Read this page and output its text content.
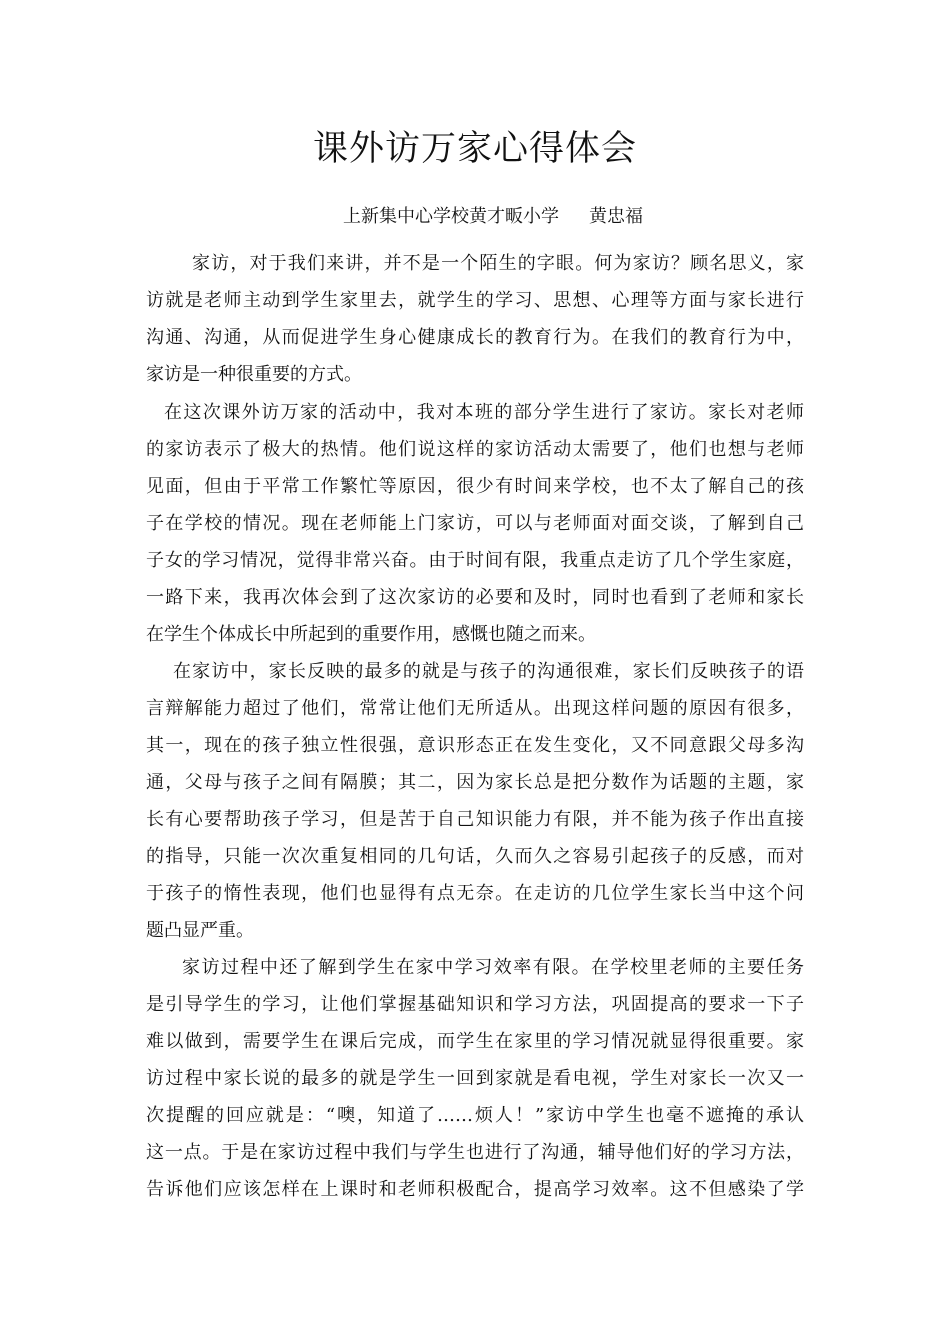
课外访万家心得体会

上新集中心学校黄才畈小学 黄忠福

家访，对于我们来讲，并不是一个陌生的字眼。何为家访？顾名思义，家

访就是老师主动到学生家里去，就学生的学习、思想、心理等方面与家长进行

沟通、沟通，从而促进学生身心健康成长的教育行为。在我们的教育行为中，

家访是一种很重要的方式。

在这次课外访万家的活动中，我对本班的部分学生进行了家访。家长对老师

的家访表示了极大的热情。他们说这样的家访活动太需要了，他们也想与老师

见面，但由于平常工作繁忙等原因，很少有时间来学校，也不太了解自己的孩

子在学校的情况。现在老师能上门家访，可以与老师面对面交谈，了解到自己

子女的学习情况，觉得非常兴奋。由于时间有限，我重点走访了几个学生家庭，

一路下来，我再次体会到了这次家访的必要和及时，同时也看到了老师和家长

在学生个体成长中所起到的重要作用，感慨也随之而来。

在家访中，家长反映的最多的就是与孩子的沟通很难，家长们反映孩子的语

言辩解能力超过了他们，常常让他们无所适从。出现这样问题的原因有很多，

其一，现在的孩子独立性很强，意识形态正在发生变化，又不同意跟父母多沟

通，父母与孩子之间有隔膜；其二，因为家长总是把分数作为话题的主题，家

长有心要帮助孩子学习，但是苦于自己知识能力有限，并不能为孩子作出直接

的指导，只能一次次重复相同的几句话，久而久之容易引起孩子的反感，而对

于孩子的惰性表现，他们也显得有点无奈。在走访的几位学生家长当中这个问

题凸显严重。

家访过程中还了解到学生在家中学习效率有限。在学校里老师的主要任务

是引导学生的学习，让他们掌握基础知识和学习方法，巩固提高的要求一下子

难以做到，需要学生在课后完成，而学生在家里的学习情况就显得很重要。家

访过程中家长说的最多的就是学生一回到家就是看电视，学生对家长一次又一

次提醒的回应就是：“噢，知道了……烦人！”家访中学生也毫不遮掩的承认

这一点。于是在家访过程中我们与学生也进行了沟通，辅导他们好的学习方法，

告诉他们应该怎样在上课时和老师积极配合，提高学习效率。这不但感染了学
